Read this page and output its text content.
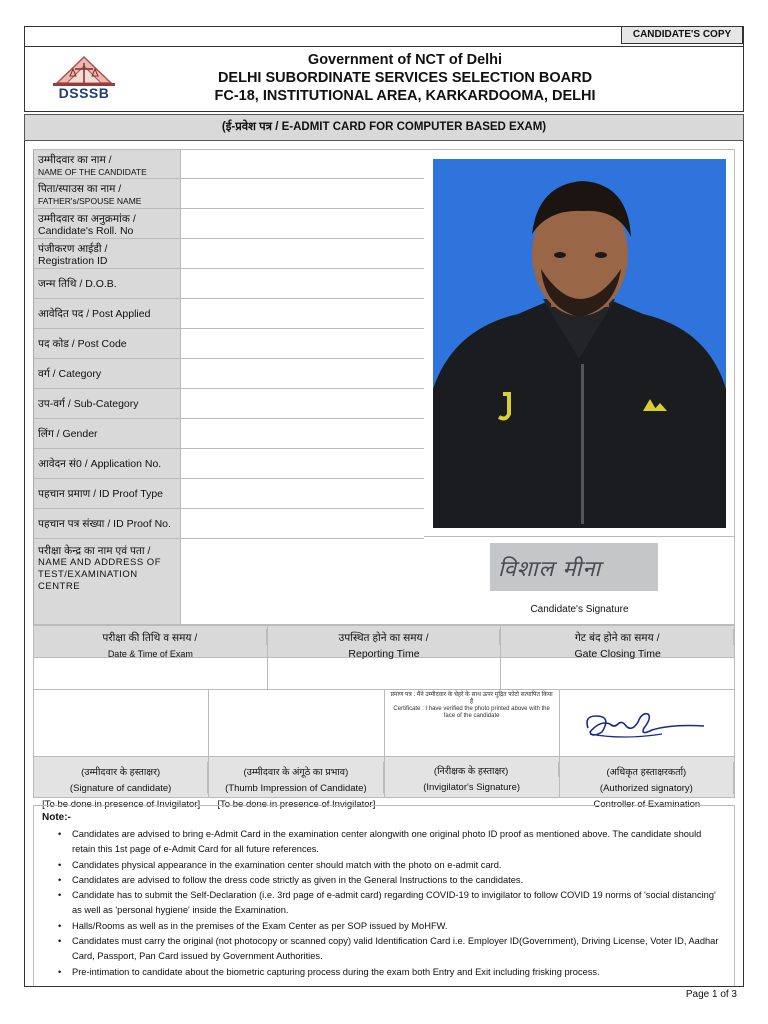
CANDIDATE'S COPY
DSSSB
Government of NCT of Delhi
DELHI SUBORDINATE SERVICES SELECTION BOARD
FC-18, INSTITUTIONAL AREA, KARKARDOOMA, DELHI
(ई-प्रवेश पत्र / E-ADMIT CARD FOR COMPUTER BASED EXAM)
उम्मीदवार का नाम /
NAME OF THE CANDIDATE
पिता/स्पाउस का नाम /
FATHER's/SPOUSE NAME
उम्मीदवार का अनुक्रमांक /
Candidate's Roll. No
पंजीकरण आईडी /
Registration ID
जन्म तिथि / D.O.B.
आवेदित पद / Post Applied
पद कोड / Post Code
वर्ग / Category
उप-वर्ग / Sub-Category
लिंग / Gender
आवेदन सं0 / Application No.
पहचान प्रमाण / ID Proof Type
पहचान पत्र संख्या / ID Proof No.
परीक्षा केन्द्र का नाम एवं पता /
NAME AND ADDRESS OF TEST/EXAMINATION CENTRE
विशाल मीना
Candidate's Signature
परीक्षा की तिथि व समय /
Date & Time of Exam
उपस्थित होने का समय /
Reporting Time
गेट बंद होने का समय /
Gate Closing Time
प्रमाण पत्र : मैंने उम्मीदवार के चेहरे के साथ ऊपर मुद्रित फोटो सत्यापित किया है
Certificate : I have verified the photo printed above with the face of the candidate
(उम्मीदवार के हस्ताक्षर)
(Signature of candidate)
[To be done in presence of Invigilator]
(उम्मीदवार के अंगूठे का प्रभाव)
(Thumb Impression of Candidate)
[To be done in presence of Invigilator]
(निरीक्षक के हस्ताक्षर)
(Invigilator's Signature)
(अधिकृत हस्ताक्षरकर्ता)
(Authorized signatory)
Controller of Examination
Note:-
• Candidates are advised to bring e-Admit Card in the examination center alongwith one original photo ID proof as mentioned above. The candidate should retain this 1st page of e-Admit Card for all future references.
• Candidates physical appearance in the examination center should match with the photo on e-admit card.
• Candidates are advised to follow the dress code strictly as given in the General Instructions to the candidates.
• Candidate has to submit the Self-Declaration (i.e. 3rd page of e-admit card) regarding COVID-19 to invigilator to follow COVID 19 norms of 'social distancing' as well as 'personal hygiene' inside the Examination.
• Halls/Rooms as well as in the premises of the Exam Center as per SOP issued by MoHFW.
• Candidates must carry the original (not photocopy or scanned copy) valid Identification Card i.e. Employer ID(Government), Driving License, Voter ID, Aadhar Card, Passport, Pan Card issued by Government Authorities.
• Pre-intimation to candidate about the biometric capturing process during the exam both Entry and Exit including frisking process.
Page 1 of 3
